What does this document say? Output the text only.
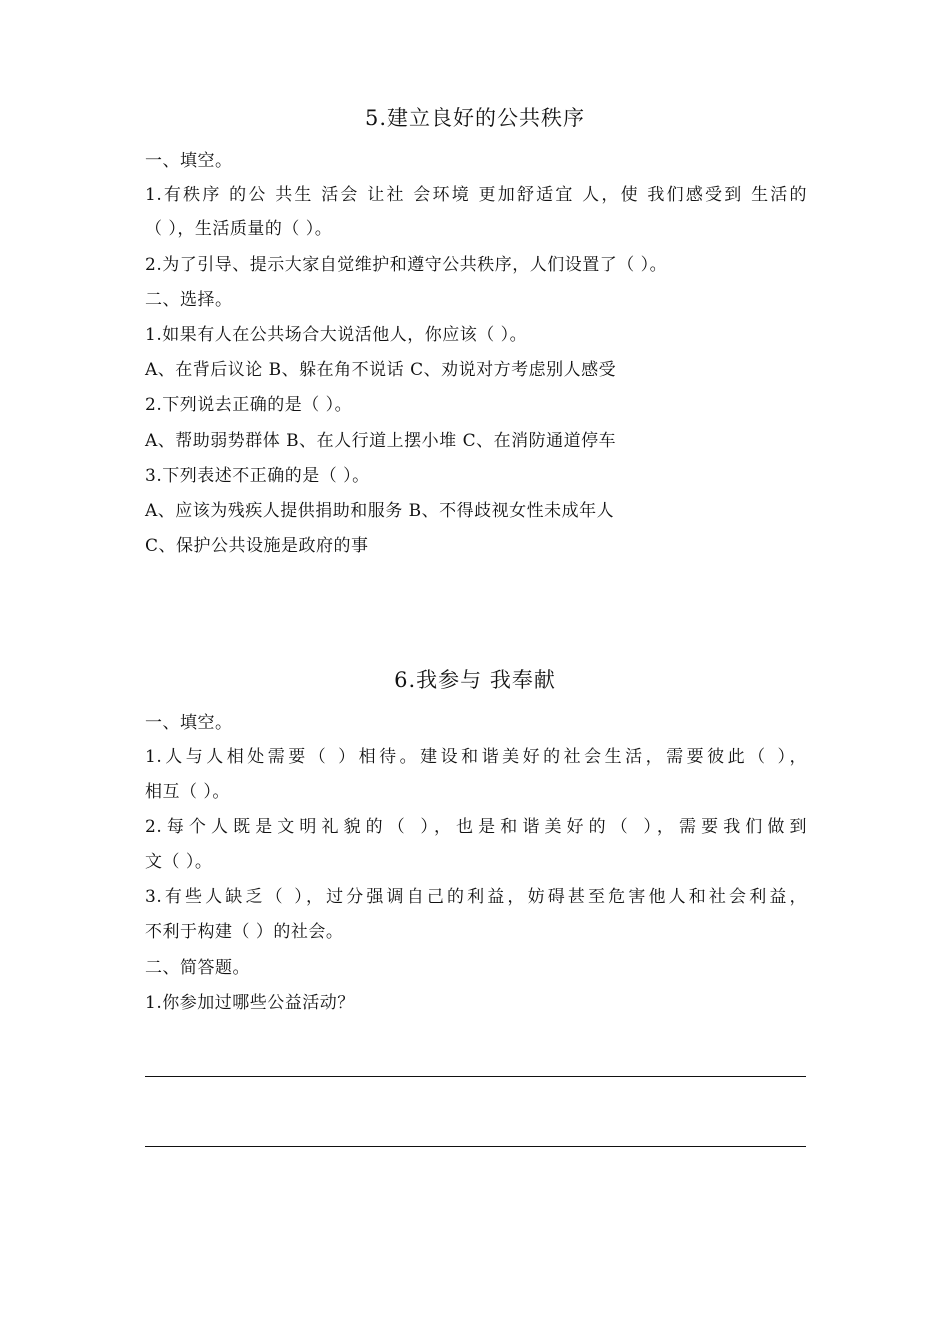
5.建立良好的公共秩序
一、填空。
1.有秩序 的公 共生 活会 让社 会环境 更加舒适宜 人，使 我们感受到 生活的
（ ），生活质量的（ ）。
2.为了引导、提示大家自觉维护和遵守公共秩序，人们设置了（ ）。
二、选择。
1.如果有人在公共场合大说活他人，你应该（ ）。
A、在背后议论 B、躲在角不说话 C、劝说对方考虑别人感受
2.下列说去正确的是（ ）。
A、帮助弱势群体 B、在人行道上摆小堆 C、在消防通道停车
3.下列表述不正确的是（ ）。
A、应该为残疾人提供捐助和服务 B、不得歧视女性未成年人
C、保护公共设施是政府的事
6.我参与 我奉献
一、填空。
1.人与人相处需要（ ）相待。建设和谐美好的社会生活，需要彼此（ ），
相互（ ）。
2.每个人既是文明礼貌的（ ），也是和谐美好的（ ），需要我们做到
文（ ）。
3.有些人缺乏（ ），过分强调自己的利益，妨碍甚至危害他人和社会利益，
不利于构建（ ）的社会。
二、简答题。
1.你参加过哪些公益活动？
